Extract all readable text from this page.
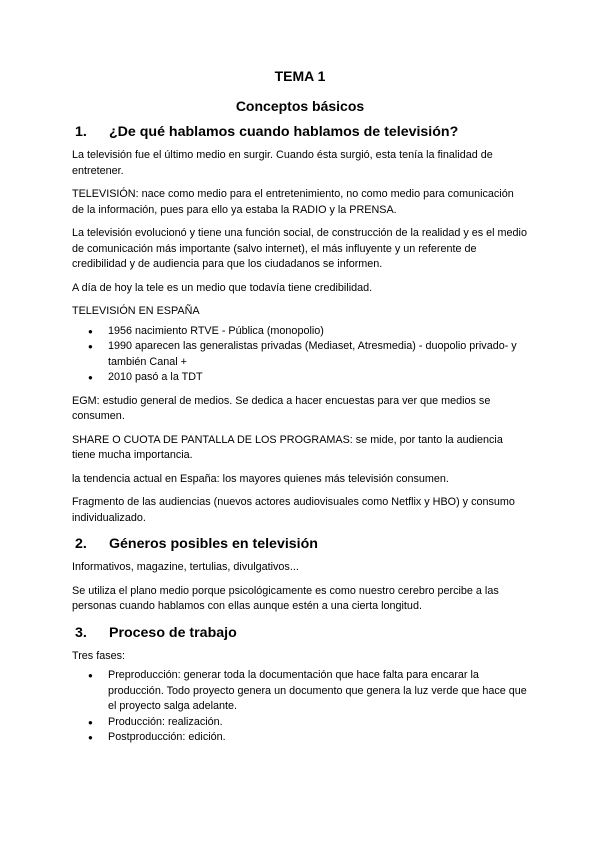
TEMA 1
Conceptos básicos
1.	¿De qué hablamos cuando hablamos de televisión?

La televisión fue el último medio en surgir. Cuando ésta surgió, esta tenía la finalidad de entretener.

TELEVISIÓN: nace como medio para el entretenimiento, no como medio para comunicación de la información, pues para ello ya estaba la RADIO y la PRENSA.

La televisión evolucionó y tiene una función social, de construcción de la realidad y es el medio de comunicación más importante (salvo internet), el más influyente y un referente de credibilidad y de audiencia para que los ciudadanos se informen.

A día de hoy la tele es un medio que todavía tiene credibilidad.

TELEVISIÓN EN ESPAÑA

● 1956 nacimiento RTVE - Pública (monopolio)
● 1990 aparecen las generalistas privadas (Mediaset, Atresmedia) - duopolio privado- y también Canal +
● 2010 pasó a la TDT

EGM: estudio general de medios. Se dedica a hacer encuestas para ver que medios se consumen.

SHARE O CUOTA DE PANTALLA DE LOS PROGRAMAS: se mide, por tanto la audiencia tiene mucha importancia.

la tendencia actual en España: los mayores quienes más televisión consumen.

Fragmento de las audiencias (nuevos actores audiovisuales como Netflix y HBO) y consumo individualizado.

2.	Géneros posibles en televisión

Informativos, magazine, tertulias, divulgativos...

Se utiliza el plano medio porque psicológicamente es como nuestro cerebro percibe a las personas cuando hablamos con ellas aunque estén a una cierta longitud.

3.	Proceso de trabajo

Tres fases:

● Preproducción: generar toda la documentación que hace falta para encarar la producción. Todo proyecto genera un documento que genera la luz verde que hace que el proyecto salga adelante.
● Producción: realización.
● Postproducción: edición.
